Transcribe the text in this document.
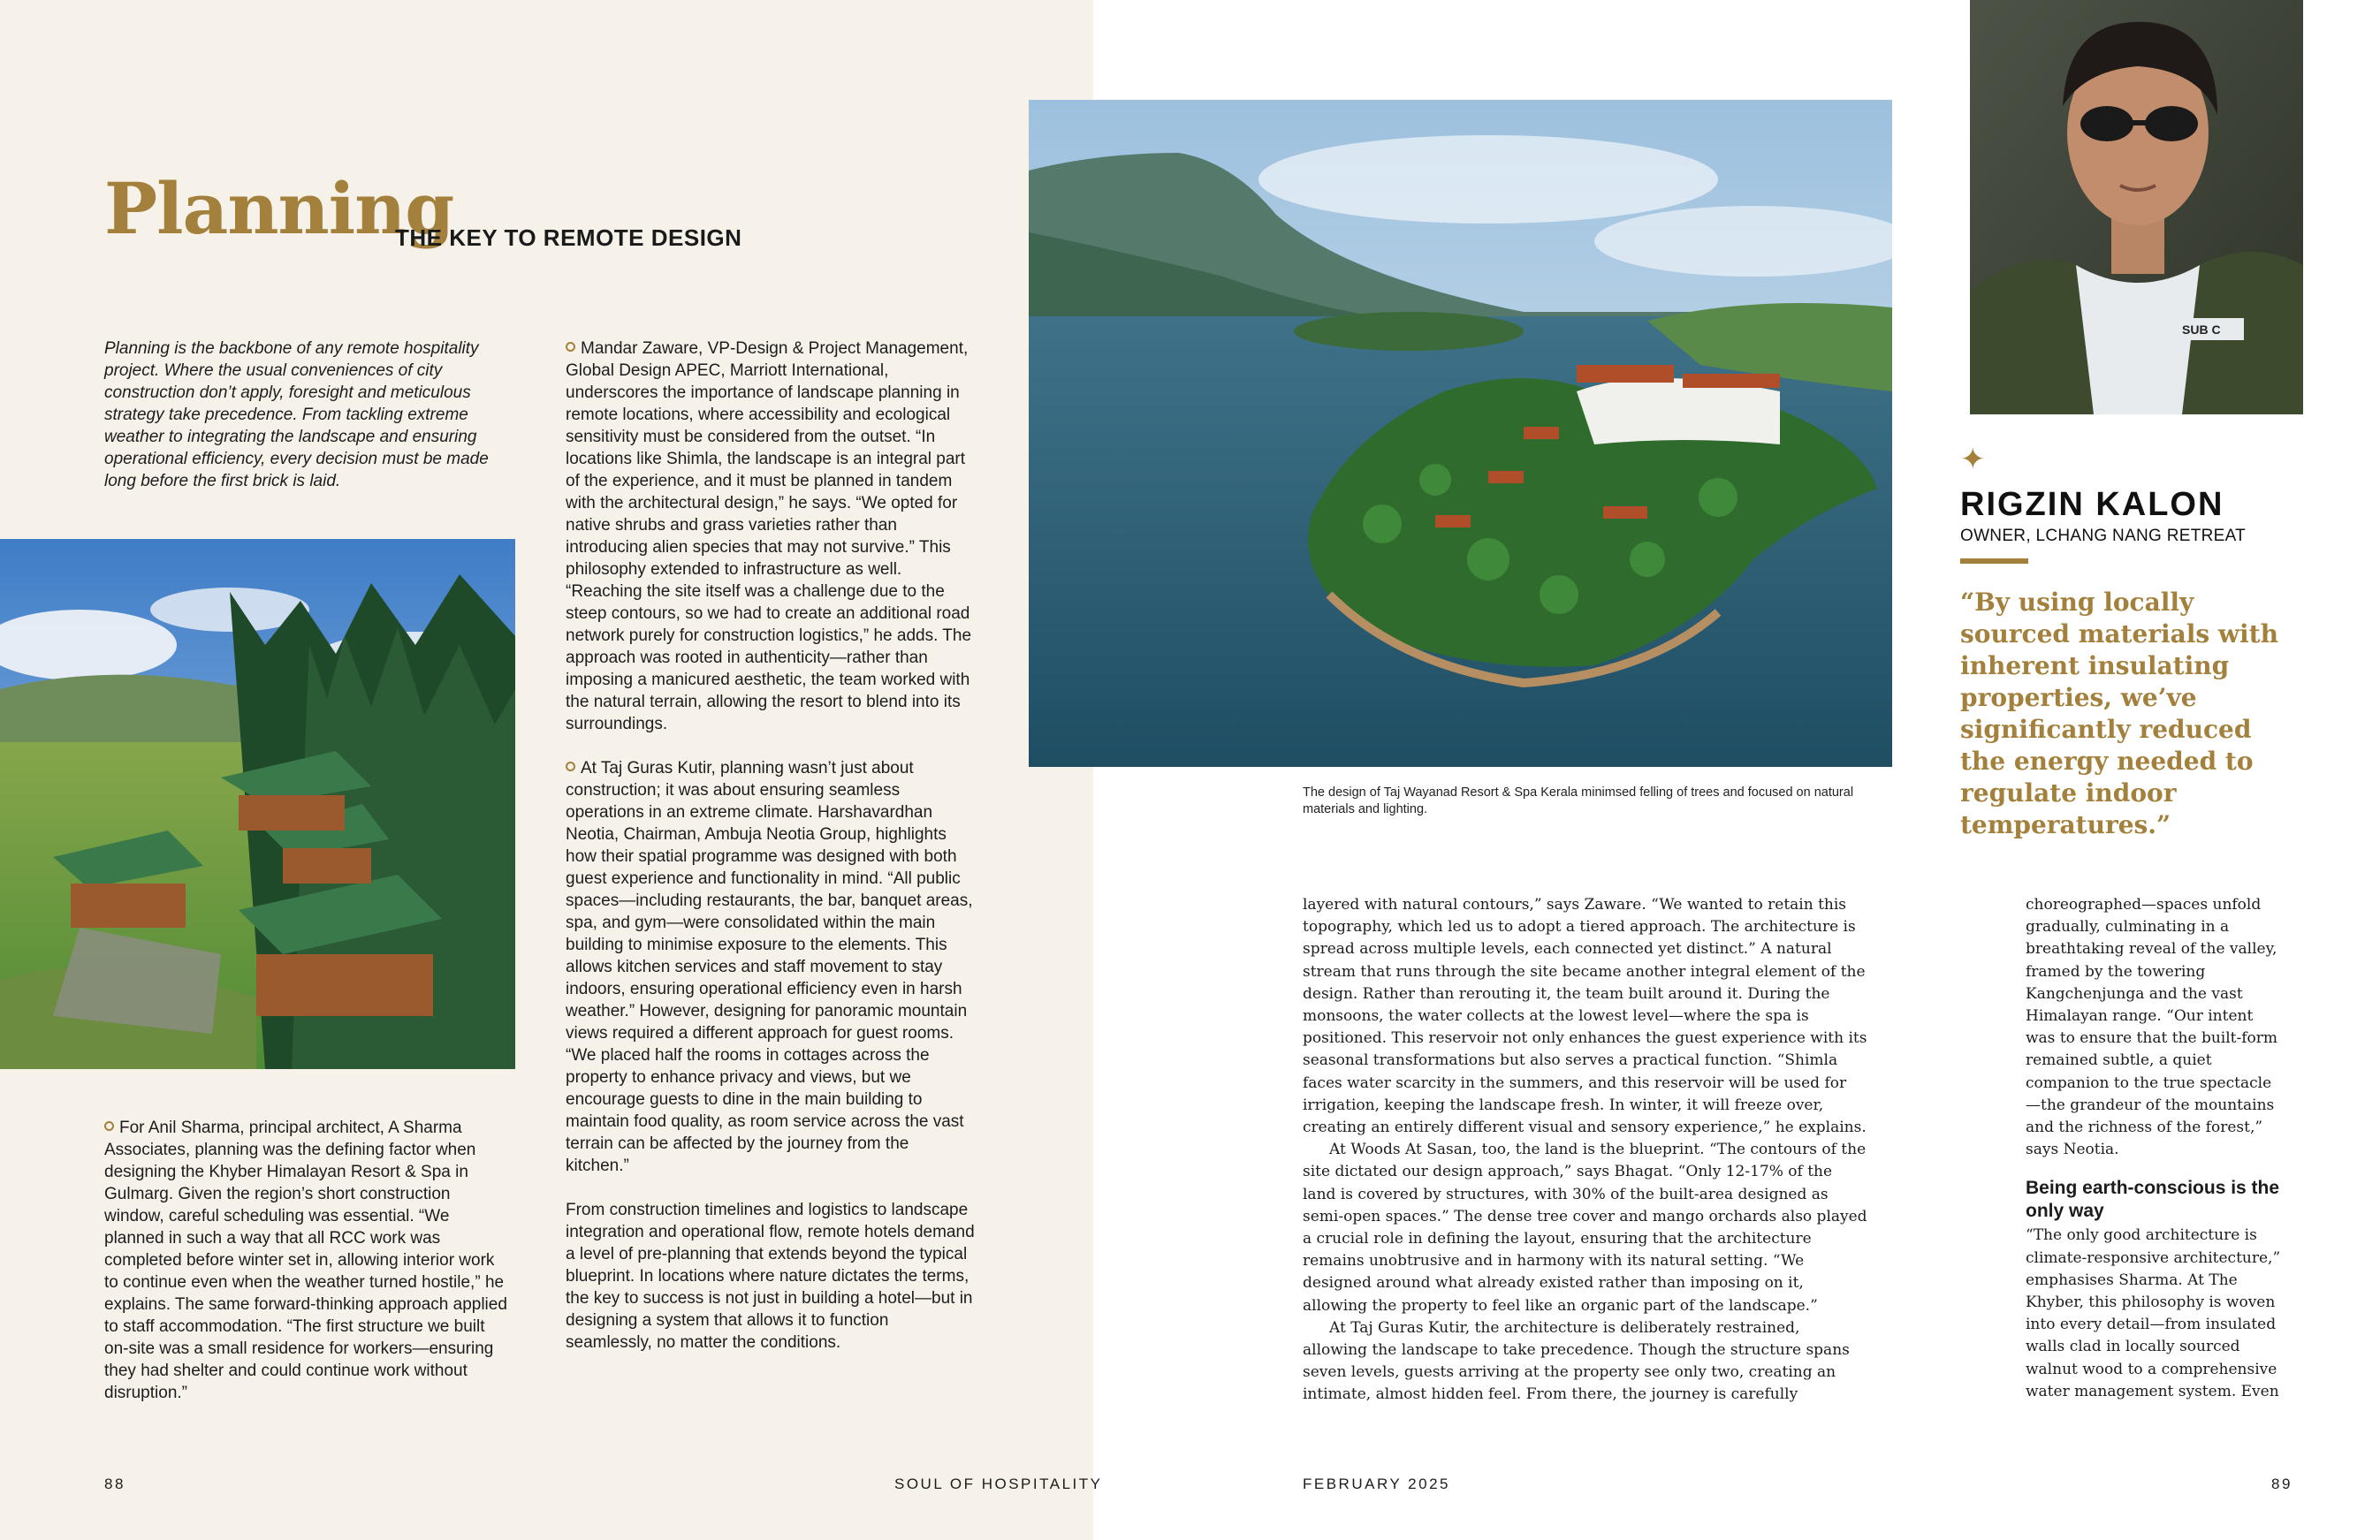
Planning
THE KEY TO REMOTE DESIGN
Planning is the backbone of any remote hospitality project. Where the usual conveniences of city construction don’t apply, foresight and meticulous strategy take precedence. From tackling extreme weather to integrating the landscape and ensuring operational efficiency, every decision must be made long before the first brick is laid.

Mandar Zaware, VP-Design & Project Management, Global Design APEC, Marriott International, underscores the importance of landscape planning in remote locations, where accessibility and ecological sensitivity must be considered from the outset. “In locations like Shimla, the landscape is an integral part of the experience, and it must be planned in tandem with the architectural design,” he says. “We opted for native shrubs and grass varieties rather than introducing alien species that may not survive.” This philosophy extended to infrastructure as well. “Reaching the site itself was a challenge due to the steep contours, so we had to create an additional road network purely for construction logistics,” he adds. The approach was rooted in authenticity—rather than imposing a manicured aesthetic, the team worked with the natural terrain, allowing the resort to blend into its surroundings.

At Taj Guras Kutir, planning wasn’t just about construction; it was about ensuring seamless operations in an extreme climate. Harshavardhan Neotia, Chairman, Ambuja Neotia Group, highlights how their spatial programme was designed with both guest experience and functionality in mind. “All public spaces—including restaurants, the bar, banquet areas, spa, and gym—were consolidated within the main building to minimise exposure to the elements. This allows kitchen services and staff movement to stay indoors, ensuring operational efficiency even in harsh weather.” However, designing for panoramic mountain views required a different approach for guest rooms. “We placed half the rooms in cottages across the property to enhance privacy and views, but we encourage guests to dine in the main building to maintain food quality, as room service across the vast terrain can be affected by the journey from the kitchen.”

From construction timelines and logistics to landscape integration and operational flow, remote hotels demand a level of pre-planning that extends beyond the typical blueprint. In locations where nature dictates the terms, the key to success is not just in building a hotel—but in designing a system that allows it to function seamlessly, no matter the conditions.

For Anil Sharma, principal architect, A Sharma Associates, planning was the defining factor when designing the Khyber Himalayan Resort & Spa in Gulmarg. Given the region’s short construction window, careful scheduling was essential. “We planned in such a way that all RCC work was completed before winter set in, allowing interior work to continue even when the weather turned hostile,” he explains. The same forward-thinking approach applied to staff accommodation. “The first structure we built on-site was a small residence for workers—ensuring they had shelter and could continue work without disruption.”

SUB C
The design of Taj Wayanad Resort & Spa Kerala minimsed felling of trees and focused on natural materials and lighting.
✦
RIGZIN KALON
OWNER, LCHANG NANG RETREAT
“By using locally sourced materials with inherent insulating properties, we’ve significantly reduced the energy needed to regulate indoor temperatures.”

layered with natural contours,” says Zaware. “We wanted to retain this topography, which led us to adopt a tiered approach. The architecture is spread across multiple levels, each connected yet distinct.” A natural stream that runs through the site became another integral element of the design. Rather than rerouting it, the team built around it. During the monsoons, the water collects at the lowest level—where the spa is positioned. This reservoir not only enhances the guest experience with its seasonal transformations but also serves a practical function. “Shimla faces water scarcity in the summers, and this reservoir will be used for irrigation, keeping the landscape fresh. In winter, it will freeze over, creating an entirely different visual and sensory experience,” he explains.

At Woods At Sasan, too, the land is the blueprint. “The contours of the site dictated our design approach,” says Bhagat. “Only 12-17% of the land is covered by structures, with 30% of the built-area designed as semi-open spaces.” The dense tree cover and mango orchards also played a crucial role in defining the layout, ensuring that the architecture remains unobtrusive and in harmony with its natural setting. “We designed around what already existed rather than imposing on it, allowing the property to feel like an organic part of the landscape.”

At Taj Guras Kutir, the architecture is deliberately restrained, allowing the landscape to take precedence. Though the structure spans seven levels, guests arriving at the property see only two, creating an intimate, almost hidden feel. From there, the journey is carefully

choreographed—spaces unfold gradually, culminating in a breathtaking reveal of the valley, framed by the towering Kangchenjunga and the vast Himalayan range. “Our intent was to ensure that the built-form remained subtle, a quiet companion to the true spectacle—the grandeur of the mountains and the richness of the forest,” says Neotia.

Being earth-conscious is the only way

“The only good architecture is climate-responsive architecture,” emphasises Sharma. At The Khyber, this philosophy is woven into every detail—from insulated walls clad in locally sourced walnut wood to a comprehensive water management system. Even

88	SOUL OF HOSPITALITY	FEBRUARY 2025	89
